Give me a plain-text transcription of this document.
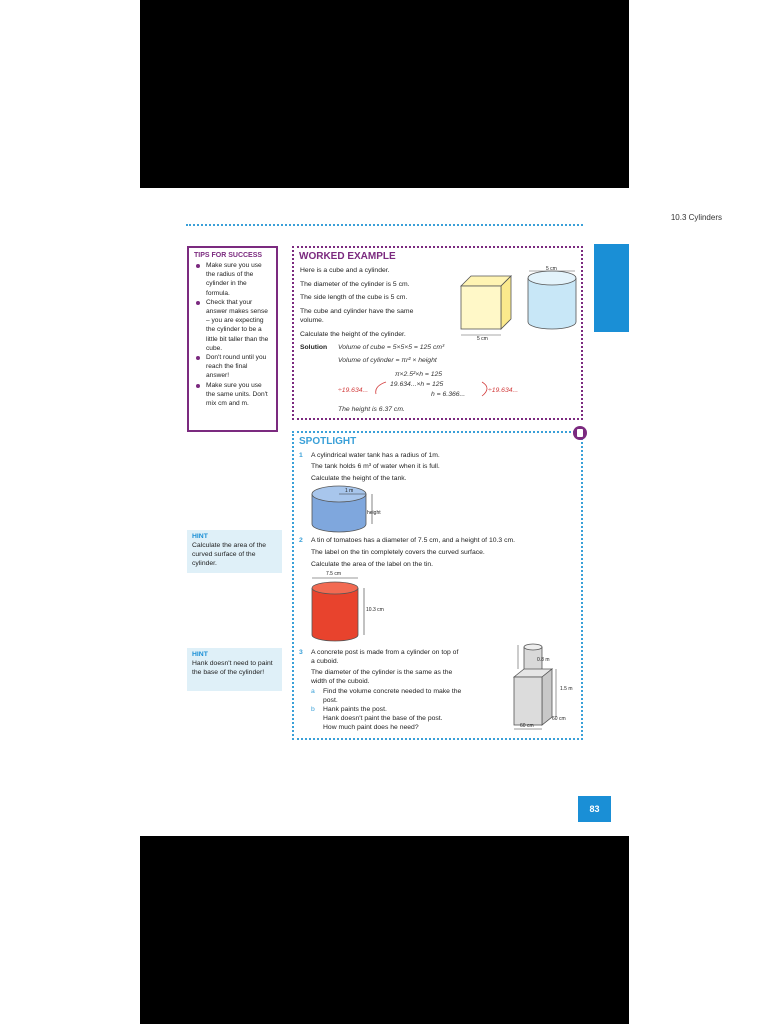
10.3 Cylinders
TIPS FOR SUCCESS
Make sure you use the radius of the cylinder in the formula.
Check that your answer makes sense – you are expecting the cylinder to be a little bit taller than the cube.
Don't round until you reach the final answer!
Make sure you use the same units. Don't mix cm and m.
WORKED EXAMPLE
Here is a cube and a cylinder.
The diameter of the cylinder is 5 cm.
The side length of the cube is 5 cm.
The cube and cylinder have the same
volume.
Calculate the height of the cylinder.
Solution Volume of cube = 5×5×5 = 125 cm³
Volume of cylinder = πr² × height
π×2.5²×h = 125
19.634...×h = 125
h = 6.366...
÷19.634...	÷19.634...
The height is 6.37 cm.
5 cm
5 cm
SPOTLIGHT
1 A cylindrical water tank has a radius of 1m.
The tank holds 6 m³ of water when it is full.
Calculate the height of the tank.
1 m
height
2 A tin of tomatoes has a diameter of 7.5 cm, and a height of 10.3 cm.
The label on the tin completely covers the curved surface.
Calculate the area of the label on the tin.
7.5 cm
10.3 cm
3 A concrete post is made from a cylinder on top of
a cuboid.
The diameter of the cylinder is the same as the
width of the cuboid.
a Find the volume concrete needed to make the
post.
b Hank paints the post.
Hank doesn't paint the base of the post.
How much paint does he need?
0.8 m
1.5 m
60 cm
60 cm
HINT

Calculate the area of the curved surface of the cylinder.

HINT

Hank doesn't need to paint the base of the cylinder!

83
